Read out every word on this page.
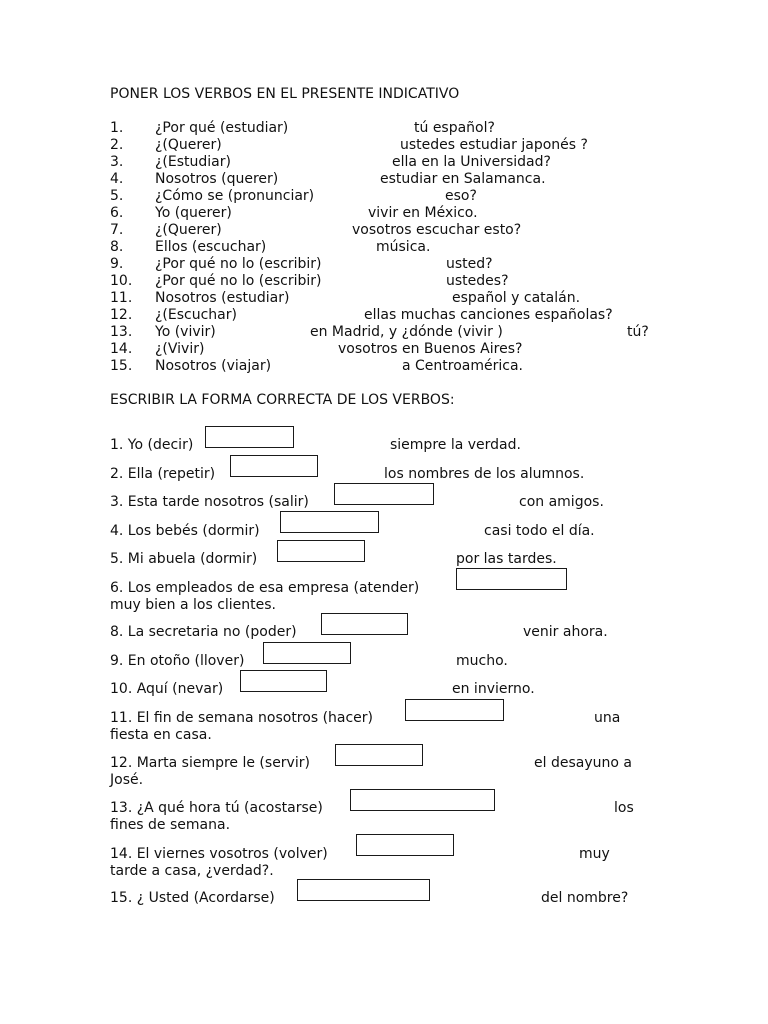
PONER LOS VERBOS EN EL PRESENTE INDICATIVO
1. ¿Por qué (estudiar)	tú español?
2. ¿(Querer)	ustedes estudiar japonés ?
3. ¿(Estudiar)	ella en la Universidad?
4. Nosotros (querer)	estudiar en Salamanca.
5. ¿Cómo se (pronunciar)	eso?
6. Yo (querer)	vivir en México.
7. ¿(Querer)	vosotros escuchar esto?
8. Ellos (escuchar)	música.
9. ¿Por qué no lo (escribir)	usted?
10. ¿Por qué no lo (escribir)	ustedes?
11. Nosotros (estudiar)	español y catalán.
12. ¿(Escuchar)	ellas muchas canciones españolas?
13. Yo (vivir)	en Madrid, y ¿dónde (vivir )	tú?
14. ¿(Vivir)	vosotros en Buenos Aires?
15. Nosotros (viajar)	a Centroamérica.
ESCRIBIR LA FORMA CORRECTA DE LOS VERBOS:
1. Yo (decir)	siempre la verdad.
2. Ella (repetir)	los nombres de los alumnos.
3. Esta tarde nosotros (salir)	con amigos.
4. Los bebés (dormir)	casi todo el día.
5. Mi abuela (dormir)	por las tardes.
6. Los empleados de esa empresa (atender)
muy bien a los clientes.
8. La secretaria no (poder)	venir ahora.
9. En otoño (llover)	mucho.
10. Aquí (nevar)	en invierno.
11. El fin de semana nosotros (hacer)	una
fiesta en casa.
12. Marta siempre le (servir)	el desayuno a
José.
13. ¿A qué hora tú (acostarse)	los
fines de semana.
14. El viernes vosotros (volver)	muy
tarde a casa, ¿verdad?.
15. ¿ Usted (Acordarse)	del nombre?
